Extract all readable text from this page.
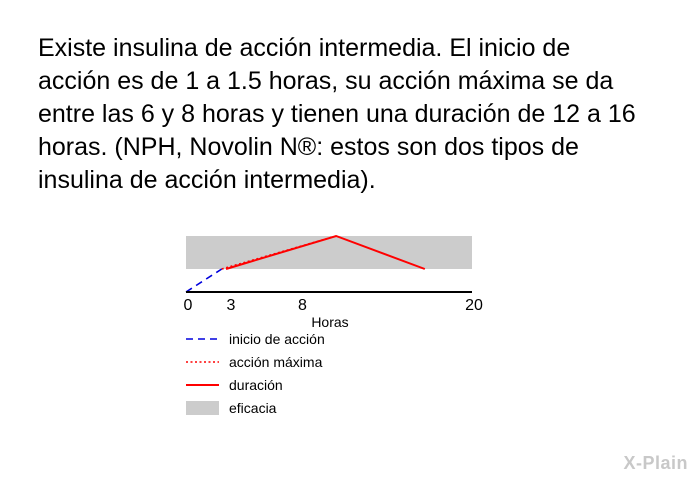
Existe insulina de acción intermedia. El inicio de acción es de 1 a 1.5 horas, su acción máxima se da entre las 6 y 8 horas y tienen una duración de 12 a 16 horas. (NPH, Novolin N®: estos son dos tipos de insulina de acción intermedia).
0 3	8	20
Horas
inicio de acción
acción máxima
duración
eficacia
X-Plain
